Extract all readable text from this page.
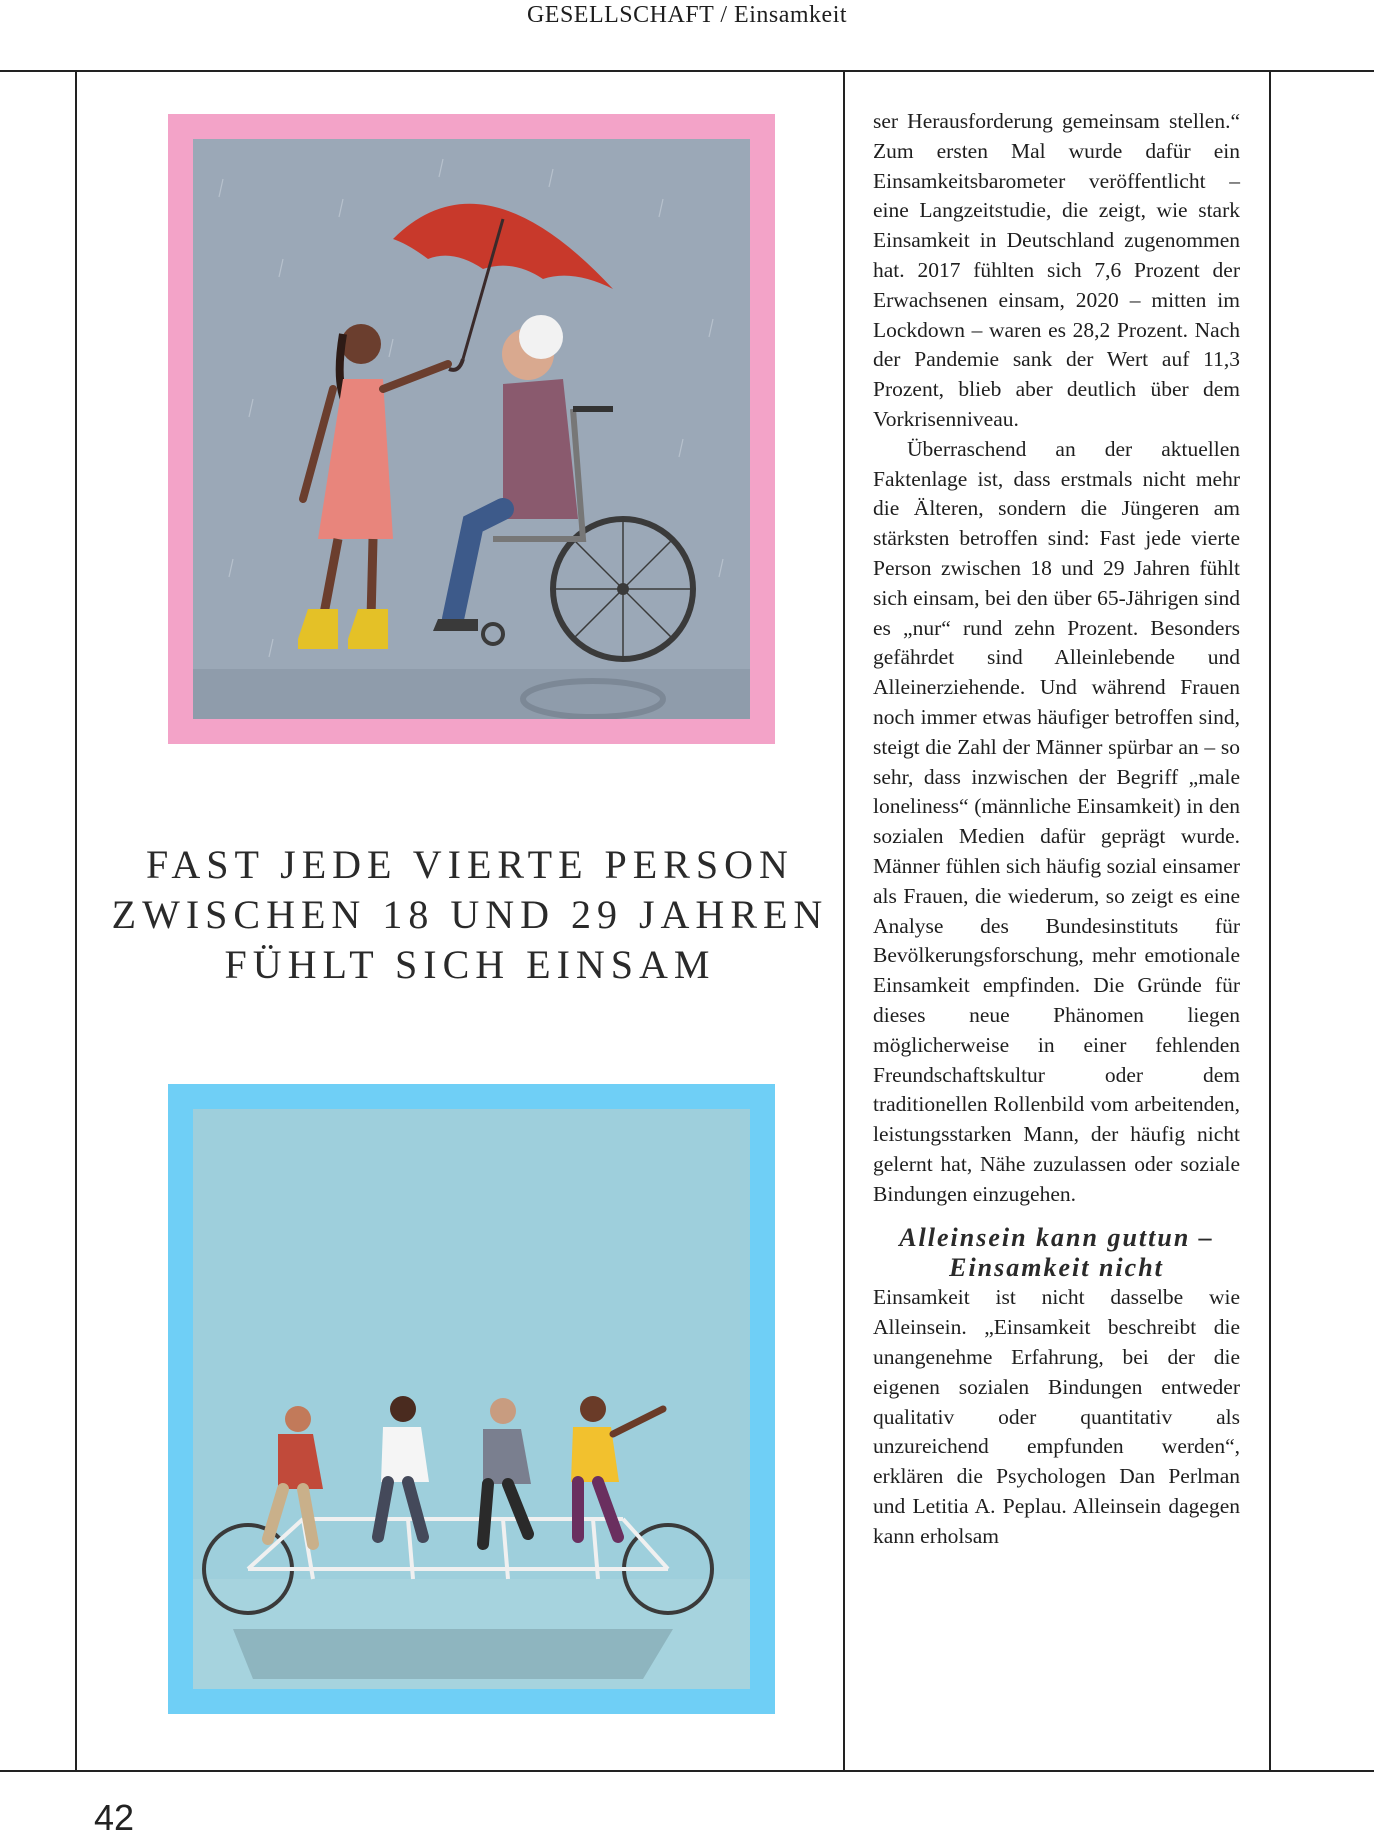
GESELLSCHAFT / Einsamkeit
FAST JEDE VIERTE PERSON
ZWISCHEN 18 UND 29 JAHREN
FÜHLT SICH EINSAM

ser Herausforderung gemeinsam stellen.“ Zum ersten Mal wurde dafür ein Einsamkeitsbarometer veröffentlicht – eine Langzeitstudie, die zeigt, wie stark Einsamkeit in Deutschland zugenommen hat. 2017 fühlten sich 7,6 Prozent der Erwachsenen einsam, 2020 – mitten im Lockdown – waren es 28,2 Prozent. Nach der Pandemie sank der Wert auf 11,3 Prozent, blieb aber deutlich über dem Vorkrisenniveau.

Überraschend an der aktuellen Faktenlage ist, dass erstmals nicht mehr die Älteren, sondern die Jüngeren am stärksten betroffen sind: Fast jede vierte Person zwischen 18 und 29 Jahren fühlt sich einsam, bei den über 65-Jährigen sind es „nur“ rund zehn Prozent. Besonders gefährdet sind Alleinlebende und Alleinerziehende. Und während Frauen noch immer etwas häufiger betroffen sind, steigt die Zahl der Männer spürbar an – so sehr, dass inzwischen der Begriff „male loneliness“ (männliche Einsamkeit) in den sozialen Medien dafür geprägt wurde. Männer fühlen sich häufig sozial einsamer als Frauen, die wiederum, so zeigt es eine Analyse des Bundesinstituts für Bevölkerungsforschung, mehr emotionale Einsamkeit empfinden. Die Gründe für dieses neue Phänomen liegen möglicherweise in einer fehlenden Freundschaftskultur oder dem traditionellen Rollenbild vom arbeitenden, leistungsstarken Mann, der häufig nicht gelernt hat, Nähe zuzulassen oder soziale Bindungen einzugehen.

Alleinsein kann guttun –
Einsamkeit nicht

Einsamkeit ist nicht dasselbe wie Alleinsein. „Einsamkeit beschreibt die unangenehme Erfahrung, bei der die eigenen sozialen Bindungen entweder qualitativ oder quantitativ als unzureichend empfunden werden“, erklären die Psychologen Dan Perlman und Letitia A. Peplau. Alleinsein dagegen kann erholsam

42
